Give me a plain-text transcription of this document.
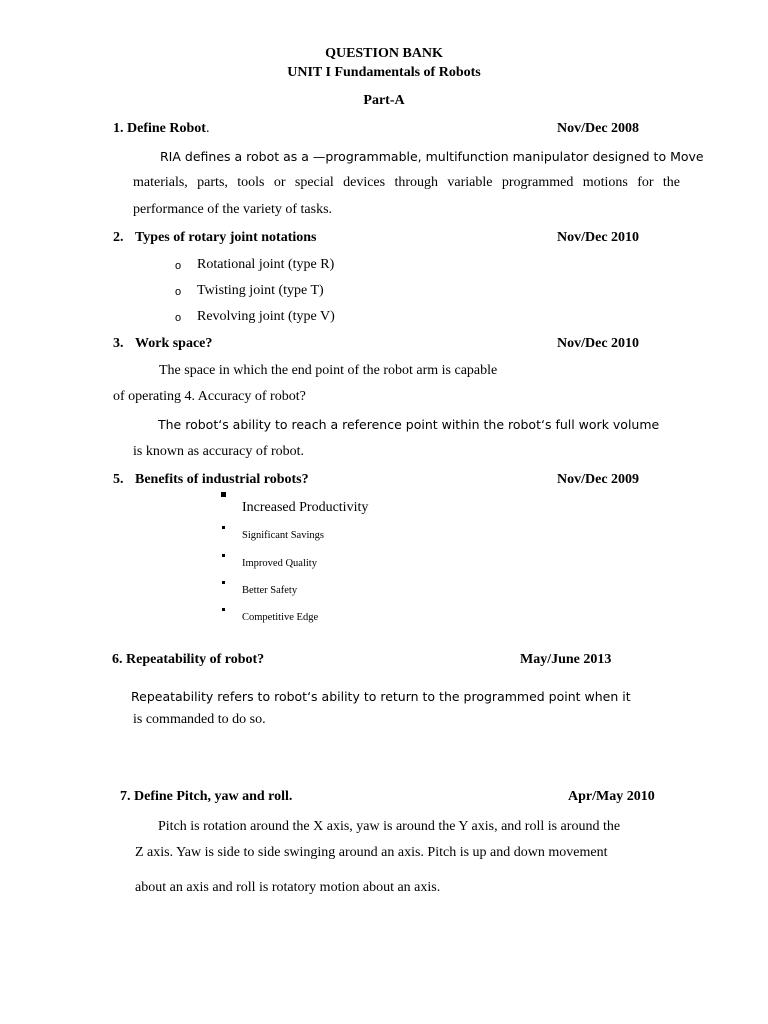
QUESTION BANK
UNIT I Fundamentals of Robots
Part-A
1. Define Robot.	Nov/Dec 2008
RIA defines a robot as a —programmable, multifunction manipulator designed to Move
materials, parts, tools or special devices through variable programmed motions for the
performance of the variety of tasks.
2. Types of rotary joint notations	Nov/Dec 2010
o Rotational joint (type R)
o Twisting joint (type T)
o Revolving joint (type V)
3. Work space?	Nov/Dec 2010
The space in which the end point of the robot arm is capable
of operating 4. Accuracy of robot?
The robot‘s ability to reach a reference point within the robot‘s full work volume
is known as accuracy of robot.
5. Benefits of industrial robots?	Nov/Dec 2009
Increased Productivity
Significant Savings
Improved Quality
Better Safety
Competitive Edge
6. Repeatability of robot?	May/June 2013
Repeatability refers to robot‘s ability to return to the programmed point when it
is commanded to do so.
7. Define Pitch, yaw and roll.	Apr/May 2010
Pitch is rotation around the X axis, yaw is around the Y axis, and roll is around the
Z axis. Yaw is side to side swinging around an axis. Pitch is up and down movement
about an axis and roll is rotatory motion about an axis.
